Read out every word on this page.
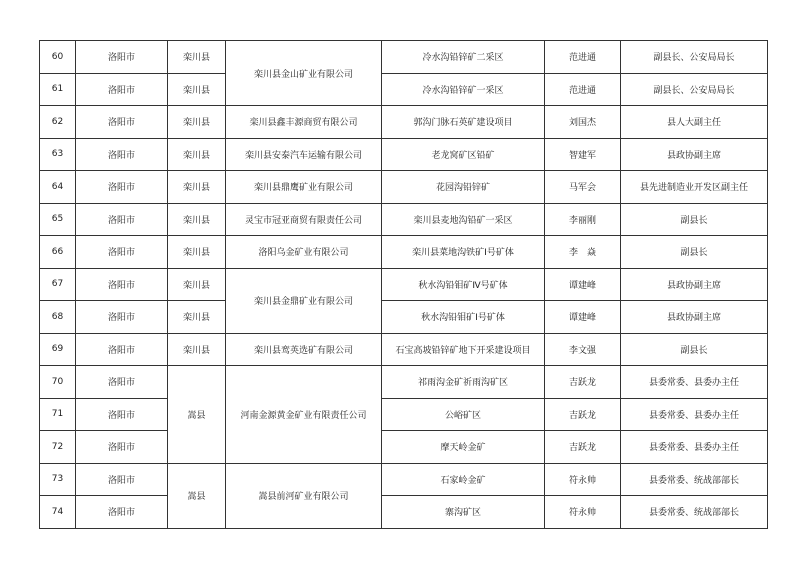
60	洛阳市	栾川县	栾川县金山矿业有限公司	冷水沟铅锌矿二采区	范进通	副县长、公安局局长
61	洛阳市	栾川县		冷水沟铅锌矿一采区	范进通	副县长、公安局局长
62	洛阳市	栾川县	栾川县鑫丰源商贸有限公司	郭沟门脉石英矿建设项目	刘国杰	县人大副主任
63	洛阳市	栾川县	栾川县安泰汽车运输有限公司	老龙窝矿区铅矿	智建军	县政协副主席
64	洛阳市	栾川县	栾川县鼎鹰矿业有限公司	花园沟铅锌矿	马军会	县先进制造业开发区副主任
65	洛阳市	栾川县	灵宝市冠亚商贸有限责任公司	栾川县麦地沟铅矿一采区	李丽刚	副县长
66	洛阳市	栾川县	洛阳乌金矿业有限公司	栾川县菜地沟铁矿Ⅰ号矿体	李　焱	副县长
67	洛阳市	栾川县	栾川县金鼎矿业有限公司	秋水沟铅钼矿Ⅳ号矿体	谭建峰	县政协副主席
68	洛阳市	栾川县		秋水沟铅钼矿Ⅰ号矿体	谭建峰	县政协副主席
69	洛阳市	栾川县	栾川县鸾英选矿有限公司	石宝高坡铅锌矿地下开采建设项目	李文强	副县长
70	洛阳市	嵩县	河南金源黄金矿业有限责任公司	祁雨沟金矿祈雨沟矿区	吉跃龙	县委常委、县委办主任
71	洛阳市			公峪矿区	吉跃龙	县委常委、县委办主任
72	洛阳市			摩天岭金矿	吉跃龙	县委常委、县委办主任
73	洛阳市	嵩县	嵩县前河矿业有限公司	石家岭金矿	符永帅	县委常委、统战部部长
74	洛阳市			寨沟矿区	符永帅	县委常委、统战部部长
